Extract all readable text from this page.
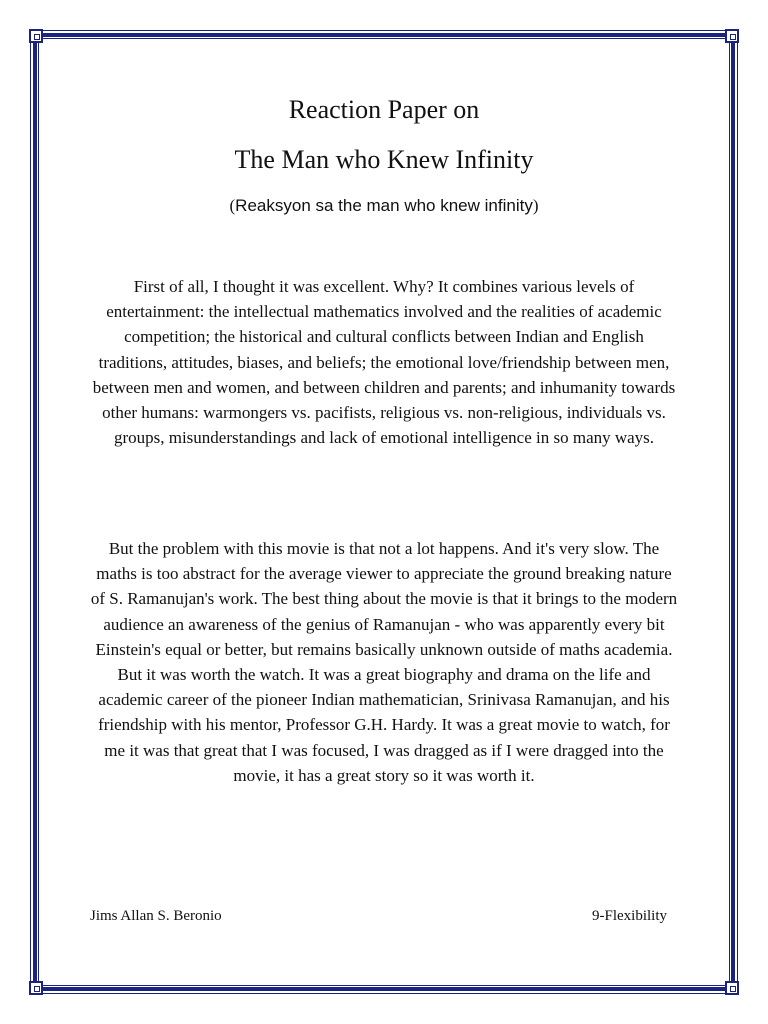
Reaction Paper on
The Man who Knew Infinity
(Reaksyon sa the man who knew infinity)

First of all, I thought it was excellent. Why? It combines various levels of entertainment: the intellectual mathematics involved and the realities of academic competition; the historical and cultural conflicts between Indian and English traditions, attitudes, biases, and beliefs; the emotional love/friendship between men, between men and women, and between children and parents; and inhumanity towards other humans: warmongers vs. pacifists, religious vs. non-religious, individuals vs. groups, misunderstandings and lack of emotional intelligence in so many ways.

But the problem with this movie is that not a lot happens. And it's very slow. The maths is too abstract for the average viewer to appreciate the ground breaking nature of S. Ramanujan's work. The best thing about the movie is that it brings to the modern audience an awareness of the genius of Ramanujan - who was apparently every bit Einstein's equal or better, but remains basically unknown outside of maths academia. But it was worth the watch. It was a great biography and drama on the life and academic career of the pioneer Indian mathematician, Srinivasa Ramanujan, and his friendship with his mentor, Professor G.H. Hardy. It was a great movie to watch, for me it was that great that I was focused, I was dragged as if I were dragged into the movie, it has a great story so it was worth it.

Jims Allan S. Beronio	9-Flexibility
